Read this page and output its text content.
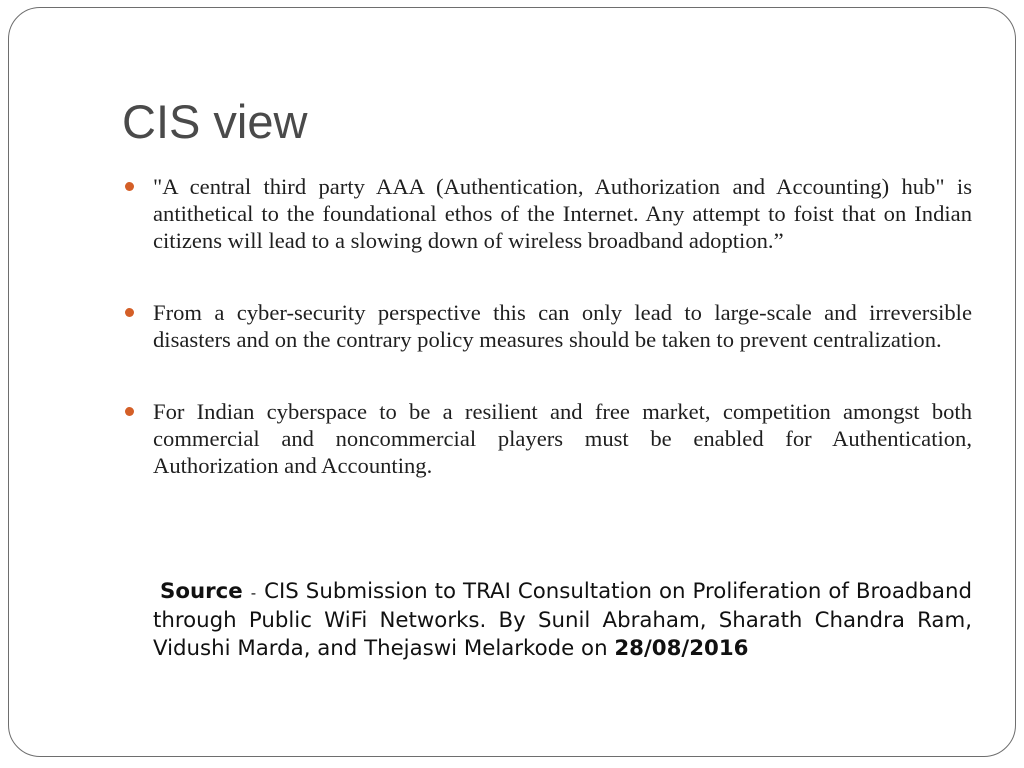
CIS view
"A central third party AAA (Authentication, Authorization and Accounting) hub" is antithetical to the foundational ethos of the Internet. Any attempt to foist that on Indian citizens will lead to a slowing down of wireless broadband adoption.”
From a cyber-security perspective this can only lead to large-scale and irreversible disasters and on the contrary policy measures should be taken to prevent centralization.
For Indian cyberspace to be a resilient and free market, competition amongst both commercial and noncommercial players must be enabled for Authentication, Authorization and Accounting.

Source - CIS Submission to TRAI Consultation on Proliferation of Broadband through Public WiFi Networks. By Sunil Abraham, Sharath Chandra Ram, Vidushi Marda, and Thejaswi Melarkode on 28/08/2016
